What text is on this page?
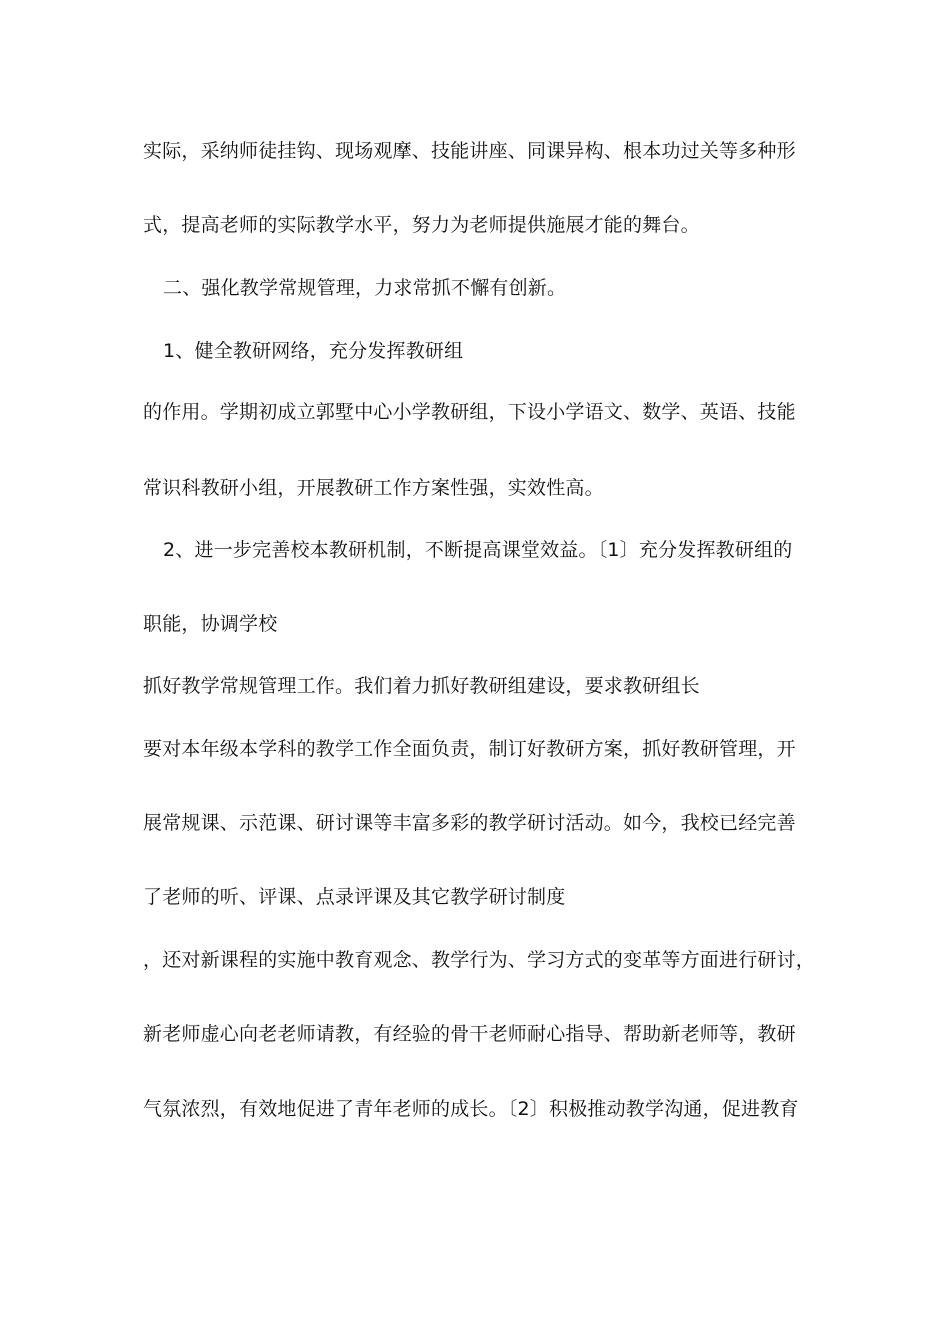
实际，采纳师徒挂钩、现场观摩、技能讲座、同课异构、根本功过关等多种形
式，提高老师的实际教学水平，努力为老师提供施展才能的舞台。
二、强化教学常规管理，力求常抓不懈有创新。
1、健全教研网络，充分发挥教研组
的作用。学期初成立郭墅中心小学教研组，下设小学语文、数学、英语、技能
常识科教研小组，开展教研工作方案性强，实效性高。
2、进一步完善校本教研机制，不断提高课堂效益。〔1〕充分发挥教研组的
职能，协调学校
抓好教学常规管理工作。我们着力抓好教研组建设，要求教研组长
要对本年级本学科的教学工作全面负责，制订好教研方案，抓好教研管理，开
展常规课、示范课、研讨课等丰富多彩的教学研讨活动。如今，我校已经完善
了老师的听、评课、点录评课及其它教学研讨制度
，还对新课程的实施中教育观念、教学行为、学习方式的变革等方面进行研讨，
新老师虚心向老老师请教，有经验的骨干老师耐心指导、帮助新老师等，教研
气氛浓烈，有效地促进了青年老师的成长。〔2〕积极推动教学沟通，促进教育
